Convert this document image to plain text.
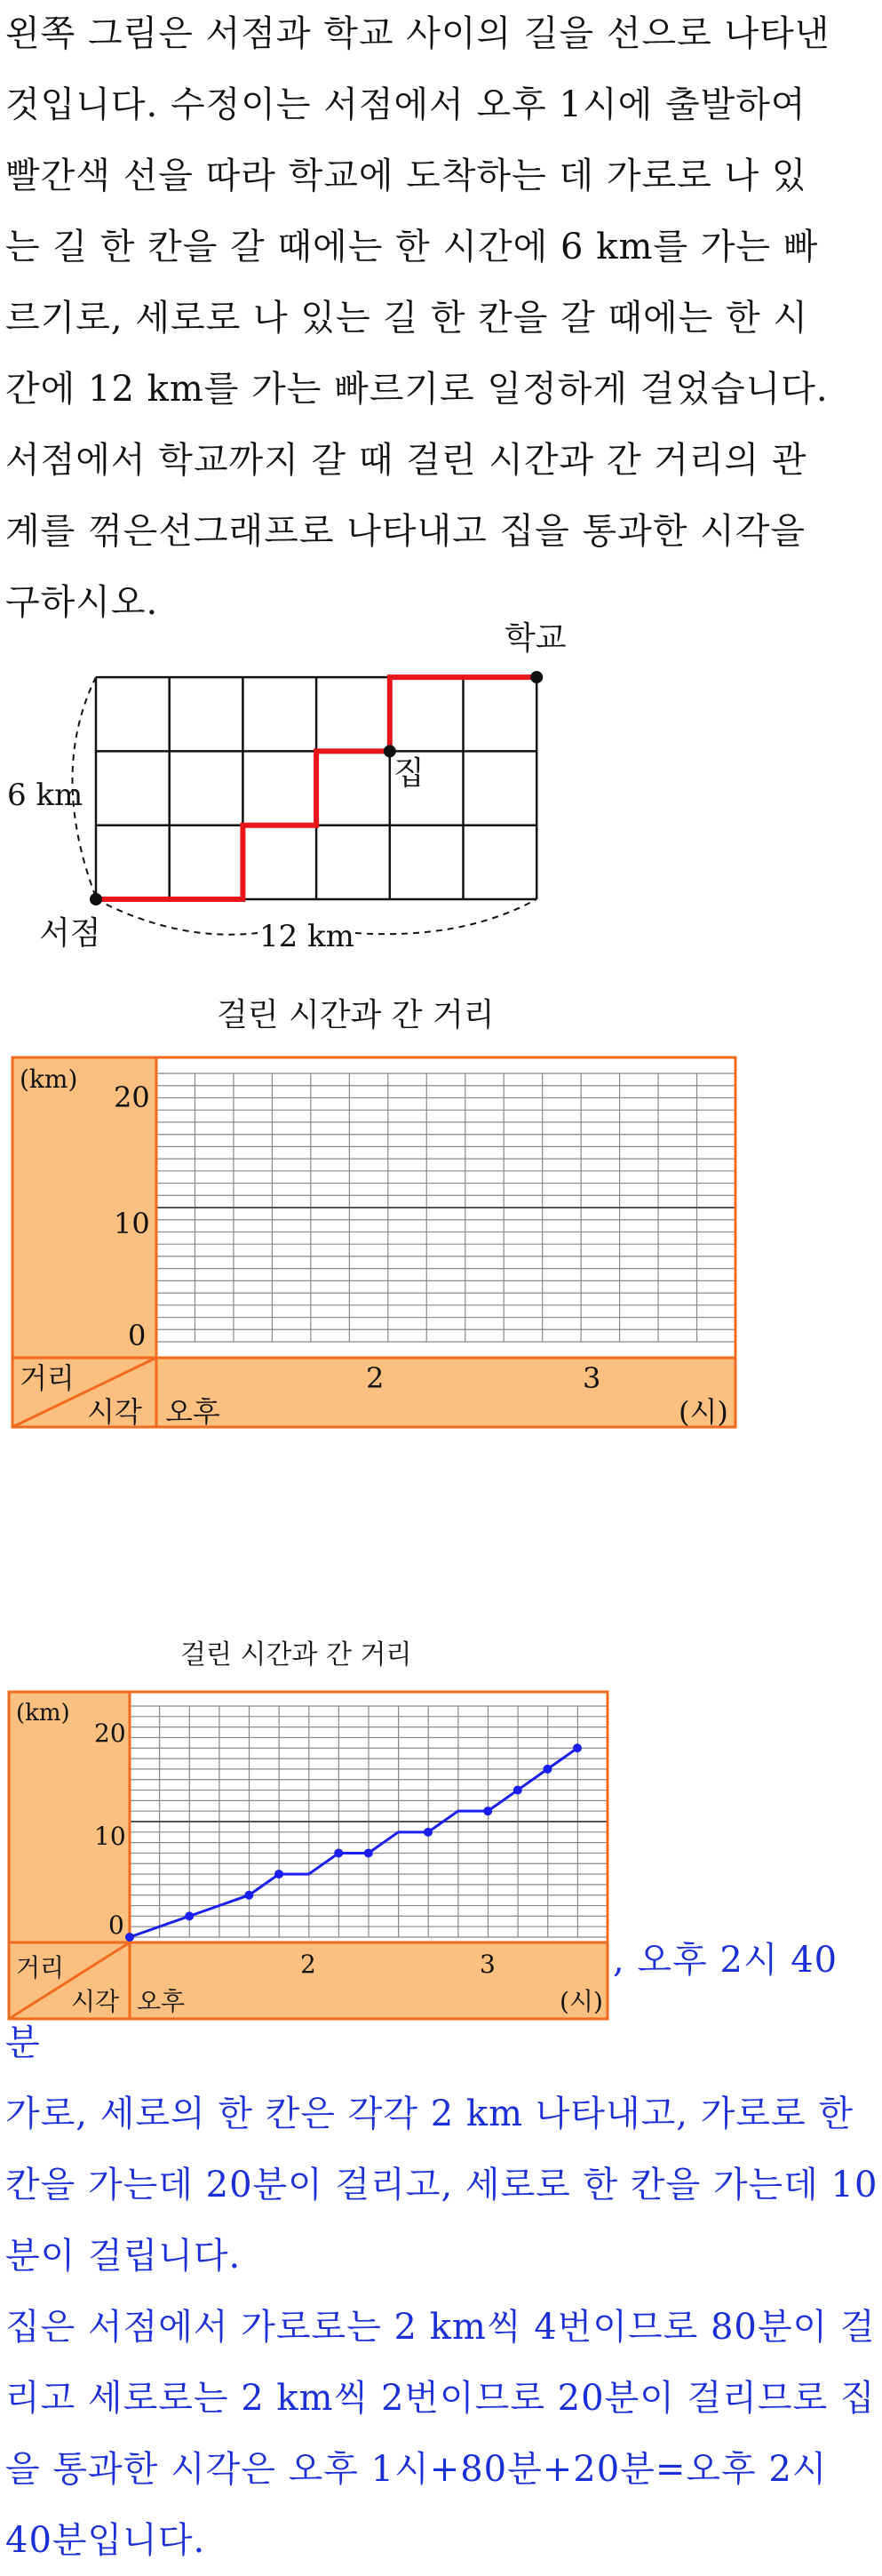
왼쪽 그림은 서점과 학교 사이의 길을 선으로 나타낸
것입니다. 수정이는 서점에서 오후 1시에 출발하여
빨간색 선을 따라 학교에 도착하는 데 가로로 나 있
는 길 한 칸을 갈 때에는 한 시간에 6 km를 가는 빠
르기로, 세로로 나 있는 길 한 칸을 갈 때에는 한 시
간에 12 km를 가는 빠르기로 일정하게 걸었습니다.
서점에서 학교까지 갈 때 걸린 시간과 간 거리의 관
계를 꺾은선그래프로 나타내고 집을 통과한 시각을
구하시오.
학교
집
서점
6 km
12 km
걸린 시간과 간 거리
(km)
20
10
0
거리
시각 오후
2	3
(시)
걸린 시간과 간 거리
(km)
20
10
0
거리
시각 오후
2	3
(시)
, 오후 2시 40
분
가로, 세로의 한 칸은 각각 2 km 나타내고, 가로로 한
칸을 가는데 20분이 걸리고, 세로로 한 칸을 가는데 10
분이 걸립니다.
집은 서점에서 가로로는 2 km씩 4번이므로 80분이 걸
리고 세로로는 2 km씩 2번이므로 20분이 걸리므로 집
을 통과한 시각은 오후 1시+80분+20분=오후 2시
40분입니다.
